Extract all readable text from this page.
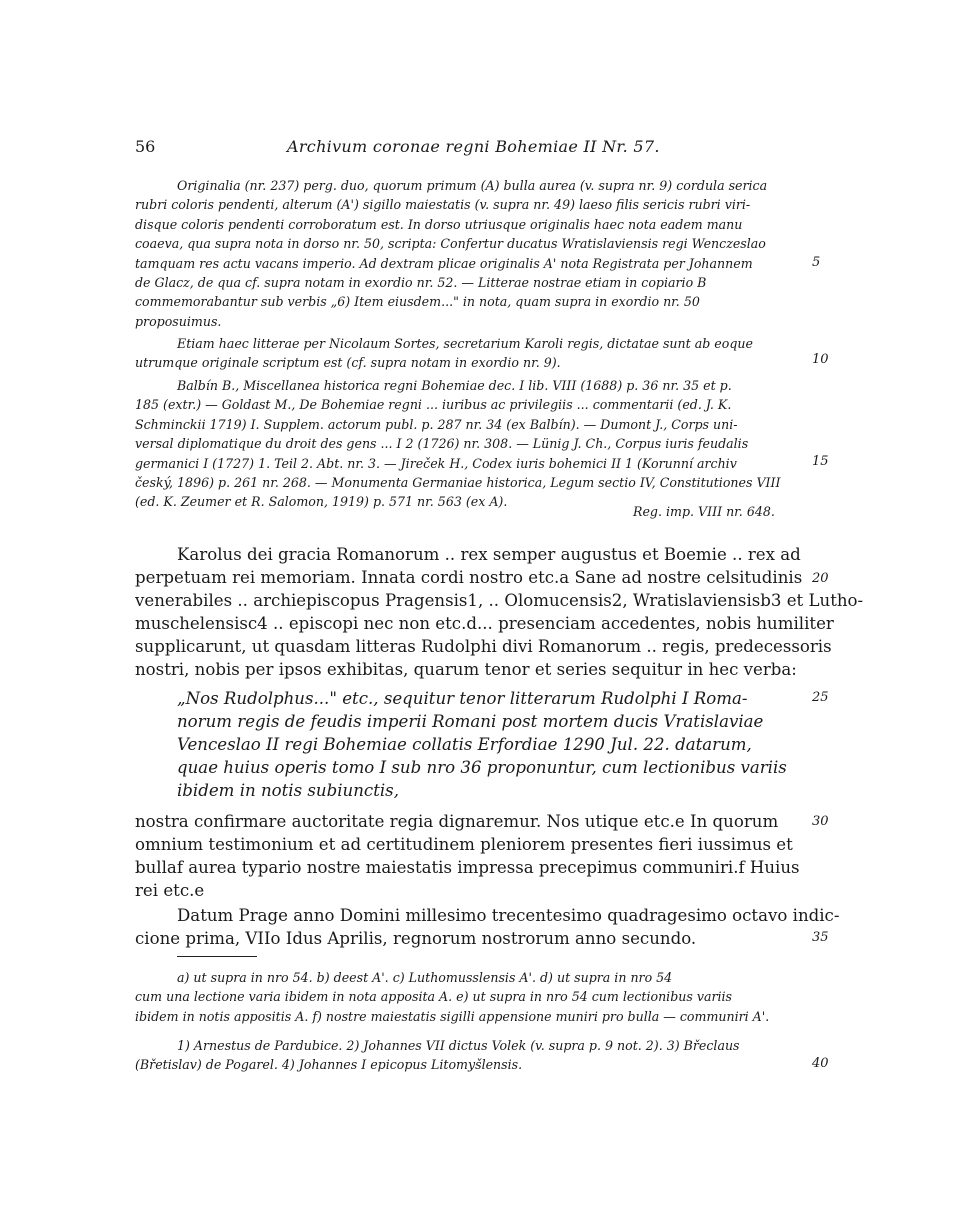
56	Archivum coronae regni Bohemiae II Nr. 57.
Originalia (nr. 237) perg. duo, quorum primum (A) bulla aurea (v. supra nr. 9) cordula serica
rubri coloris pendenti, alterum (A') sigillo maiestatis (v. supra nr. 49) laeso filis sericis rubri viri-
disque coloris pendenti corroboratum est. In dorso utriusque originalis haec nota eadem manu
coaeva, qua supra nota in dorso nr. 50, scripta: Confertur ducatus Wratislaviensis regi Wenczeslao
tamquam res actu vacans imperio. Ad dextram plicae originalis A' nota Registrata per Johannem
de Glacz, de qua cf. supra notam in exordio nr. 52. — Litterae nostrae etiam in copiario B
commemorabantur sub verbis „6) Item eiusdem..." in nota, quam supra in exordio nr. 50
proposuimus.
Etiam haec litterae per Nicolaum Sortes, secretarium Karoli regis, dictatae sunt ab eoque
utrumque originale scriptum est (cf. supra notam in exordio nr. 9).
Balbín B., Miscellanea historica regni Bohemiae dec. I lib. VIII (1688) p. 36 nr. 35 et p.
185 (extr.) — Goldast M., De Bohemiae regni ... iuribus ac privilegiis ... commentarii (ed. J. K.
Schminckii 1719) I. Supplem. actorum publ. p. 287 nr. 34 (ex Balbín). — Dumont J., Corps uni-
versal diplomatique du droit des gens ... I 2 (1726) nr. 308. — Lünig J. Ch., Corpus iuris feudalis
germanici I (1727) 1. Teil 2. Abt. nr. 3. — Jireček H., Codex iuris bohemici II 1 (Korunní archiv
český, 1896) p. 261 nr. 268. — Monumenta Germaniae historica, Legum sectio IV, Constitutiones VIII
(ed. K. Zeumer et R. Salomon, 1919) p. 571 nr. 563 (ex A).
Reg. imp. VIII nr. 648.
Karolus dei gracia Romanorum .. rex semper augustus et Boemie .. rex ad
perpetuam rei memoriam. Innata cordi nostro etc.a Sane ad nostre celsitudinis
venerabiles .. archiepiscopus Pragensis1, .. Olomucensis2, Wratislaviensisb3 et Lutho-
muschelensisc4 .. episcopi nec non etc.d... presenciam accedentes, nobis humiliter
supplicarunt, ut quasdam litteras Rudolphi divi Romanorum .. regis, predecessoris
nostri, nobis per ipsos exhibitas, quarum tenor et series sequitur in hec verba:
„Nos Rudolphus..." etc., sequitur tenor litterarum Rudolphi I Roma-
norum regis de feudis imperii Romani post mortem ducis Vratislaviae
Venceslao II regi Bohemiae collatis Erfordiae 1290 Jul. 22. datarum,
quae huius operis tomo I sub nro 36 proponuntur, cum lectionibus variis
ibidem in notis subiunctis,
nostra confirmare auctoritate regia dignaremur. Nos utique etc.e In quorum
omnium testimonium et ad certitudinem pleniorem presentes fieri iussimus et
bullaf aurea typario nostre maiestatis impressa precepimus communiri.f Huius
rei etc.e
Datum Prage anno Domini millesimo trecentesimo quadragesimo octavo indic-
cione prima, VIIo Idus Aprilis, regnorum nostrorum anno secundo.
5
10
15
20
25
30
35
40
a) ut supra in nro 54. b) deest A'. c) Luthomusslensis A'. d) ut supra in nro 54
cum una lectione varia ibidem in nota apposita A. e) ut supra in nro 54 cum lectionibus variis
ibidem in notis appositis A. f) nostre maiestatis sigilli appensione muniri pro bulla — communiri A'.
1) Arnestus de Pardubice. 2) Johannes VII dictus Volek (v. supra p. 9 not. 2). 3) Břeclaus
(Břetislav) de Pogarel. 4) Johannes I epicopus Litomyšlensis.
